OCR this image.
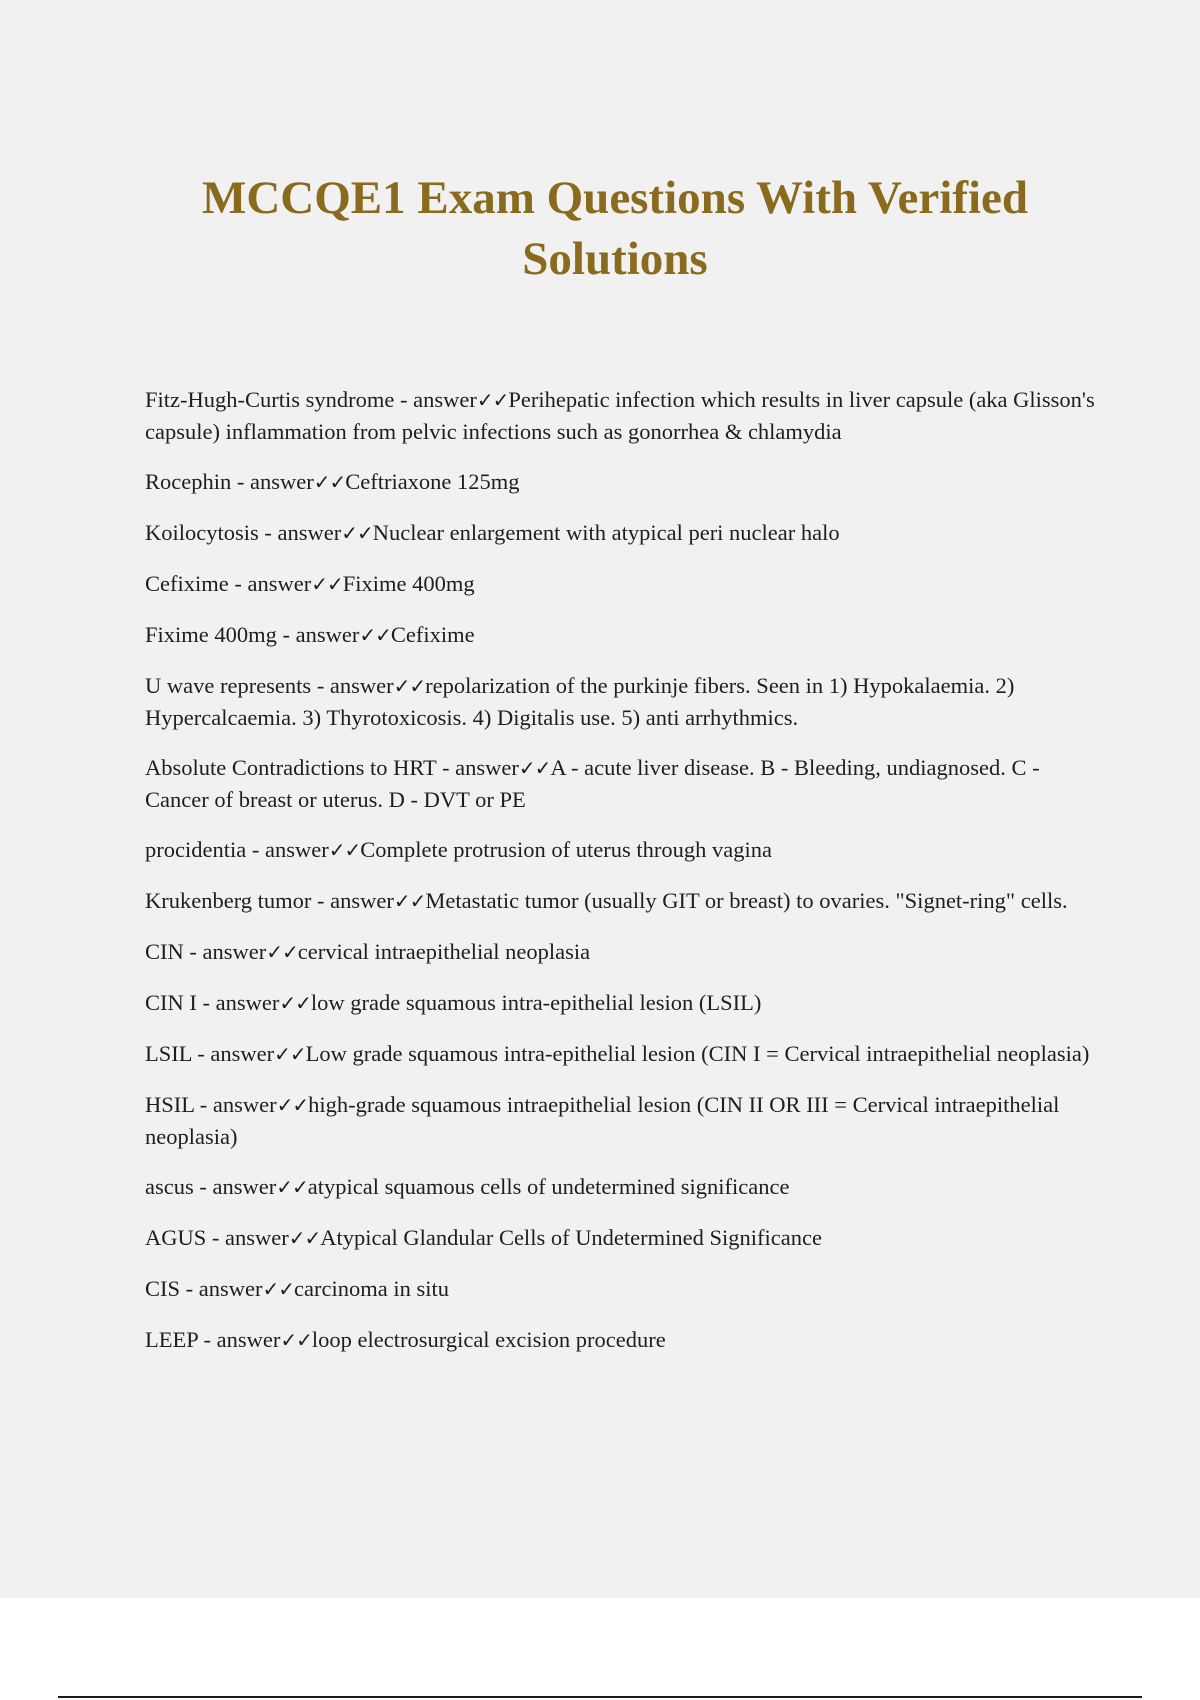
MCCQE1 Exam Questions With Verified Solutions
Fitz-Hugh-Curtis syndrome - answer✓✓Perihepatic infection which results in liver capsule (aka Glisson's capsule) inflammation from pelvic infections such as gonorrhea & chlamydia
Rocephin - answer✓✓Ceftriaxone 125mg
Koilocytosis - answer✓✓Nuclear enlargement with atypical peri nuclear halo
Cefixime - answer✓✓Fixime 400mg
Fixime 400mg - answer✓✓Cefixime
U wave represents - answer✓✓repolarization of the purkinje fibers. Seen in 1) Hypokalaemia. 2) Hypercalcaemia. 3) Thyrotoxicosis. 4) Digitalis use. 5) anti arrhythmics.
Absolute Contradictions to HRT - answer✓✓A - acute liver disease. B - Bleeding, undiagnosed. C - Cancer of breast or uterus. D - DVT or PE
procidentia - answer✓✓Complete protrusion of uterus through vagina
Krukenberg tumor - answer✓✓Metastatic tumor (usually GIT or breast) to ovaries. "Signet-ring" cells.
CIN - answer✓✓cervical intraepithelial neoplasia
CIN I - answer✓✓low grade squamous intra-epithelial lesion (LSIL)
LSIL - answer✓✓Low grade squamous intra-epithelial lesion (CIN I = Cervical intraepithelial neoplasia)
HSIL - answer✓✓high-grade squamous intraepithelial lesion (CIN II OR III = Cervical intraepithelial neoplasia)
ascus - answer✓✓atypical squamous cells of undetermined significance
AGUS - answer✓✓Atypical Glandular Cells of Undetermined Significance
CIS - answer✓✓carcinoma in situ
LEEP - answer✓✓loop electrosurgical excision procedure
